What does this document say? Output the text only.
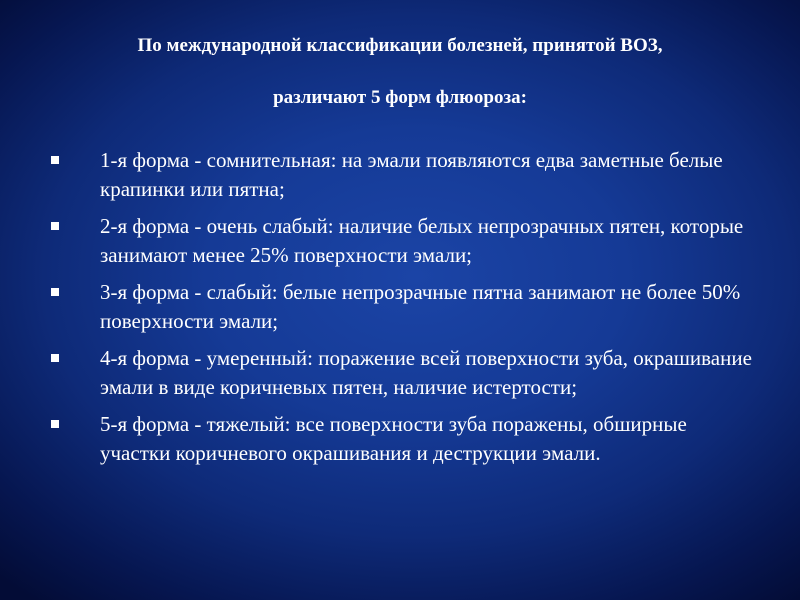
По международной классификации болезней, принятой ВОЗ,
различают 5 форм флюороза:
1-я форма - сомнительная: на эмали появляются едва заметные белые крапинки или пятна;
2-я форма - очень слабый: наличие белых непрозрачных пятен, которые занимают менее 25% поверхности эмали;
3-я форма - слабый: белые непрозрачные пятна занимают не более 50% поверхности эмали;
4-я форма - умеренный: поражение всей поверхности зуба, окрашивание эмали в виде коричневых пятен, наличие истертости;
5-я форма - тяжелый: все поверхности зуба поражены, обширные участки коричневого окрашивания и деструкции эмали.
